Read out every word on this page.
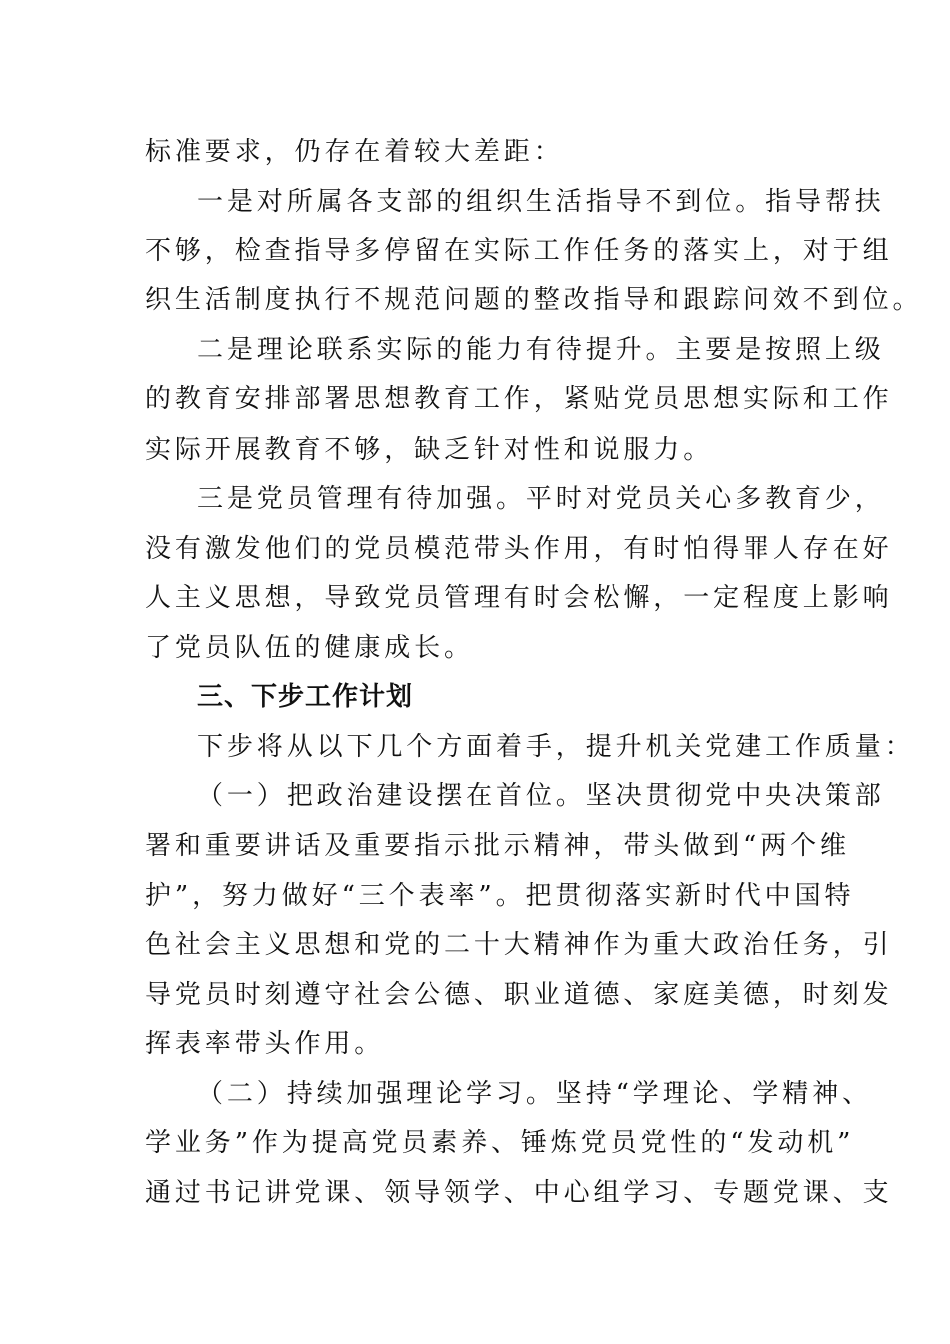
标准要求，仍存在着较大差距：
一是对所属各支部的组织生活指导不到位。指导帮扶
不够，检查指导多停留在实际工作任务的落实上，对于组
织生活制度执行不规范问题的整改指导和跟踪问效不到位。
二是理论联系实际的能力有待提升。主要是按照上级
的教育安排部署思想教育工作，紧贴党员思想实际和工作
实际开展教育不够，缺乏针对性和说服力。
三是党员管理有待加强。平时对党员关心多教育少，
没有激发他们的党员模范带头作用，有时怕得罪人存在好
人主义思想，导致党员管理有时会松懈，一定程度上影响
了党员队伍的健康成长。
三、下步工作计划
下步将从以下几个方面着手，提升机关党建工作质量：
（一）把政治建设摆在首位。坚决贯彻党中央决策部
署和重要讲话及重要指示批示精神，带头做到“两个维
护”，努力做好“三个表率”。把贯彻落实新时代中国特
色社会主义思想和党的二十大精神作为重大政治任务，引
导党员时刻遵守社会公德、职业道德、家庭美德，时刻发
挥表率带头作用。
（二）持续加强理论学习。坚持“学理论、学精神、
学业务”作为提高党员素养、锤炼党员党性的“发动机”
通过书记讲党课、领导领学、中心组学习、专题党课、支
